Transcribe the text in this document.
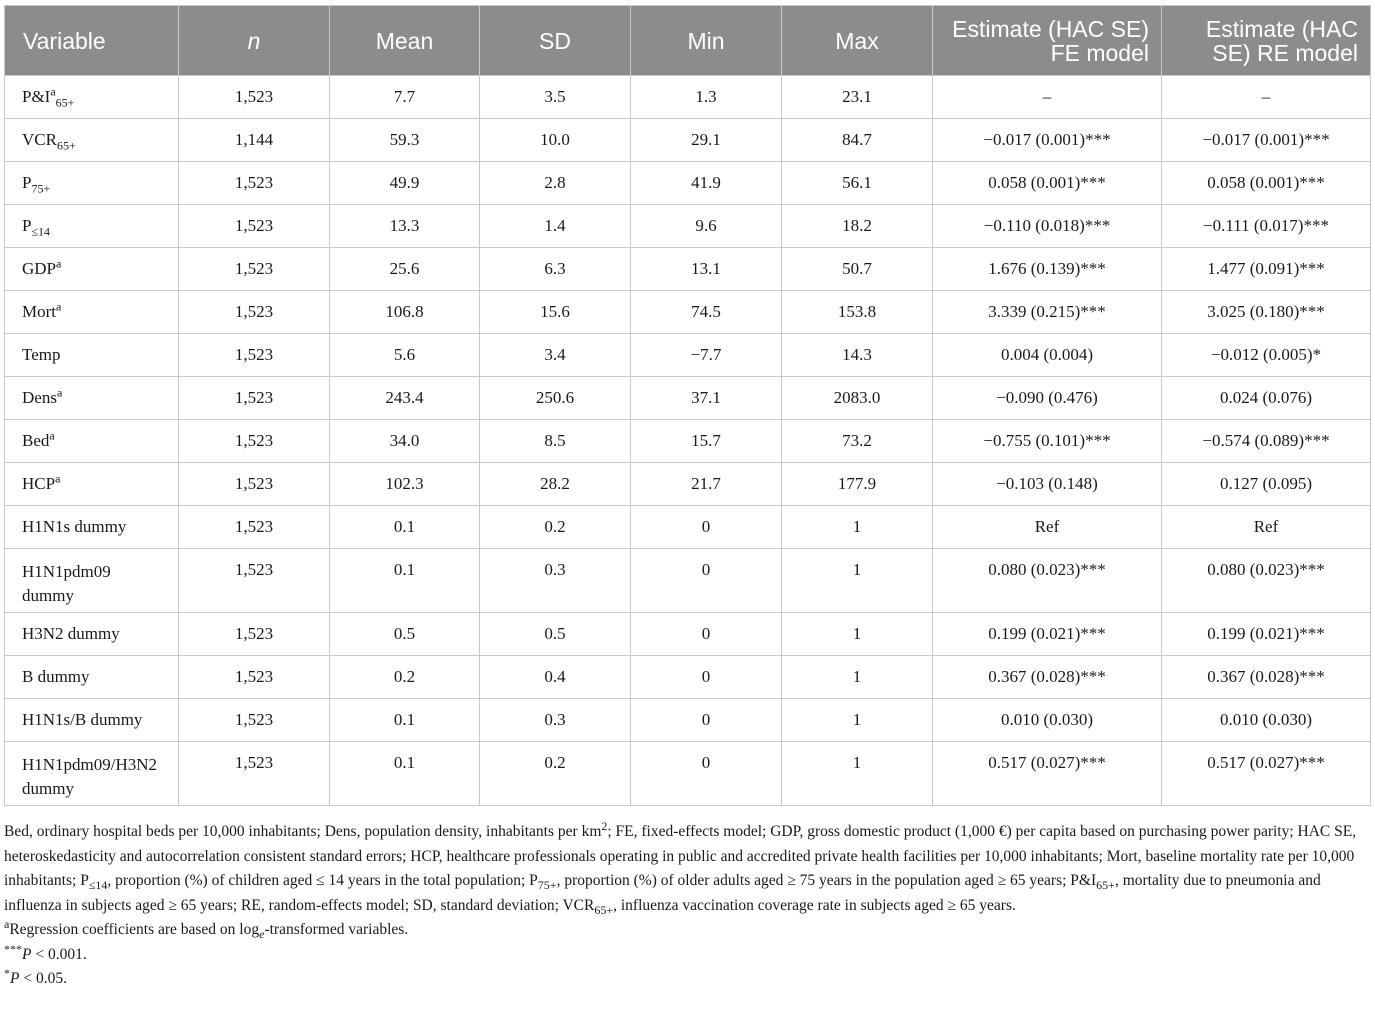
Variable	n	Mean	SD	Min	Max	Estimate (HAC SE) FE model	Estimate (HAC SE) RE model
$P\&I^a_{65+}$	1,523	7.7	3.5	1.3	23.1	–	–
$VCR_{65+}$	1,144	59.3	10.0	29.1	84.7	−0.017 (0.001)***	−0.017 (0.001)***
$P_{75+}$	1,523	49.9	2.8	41.9	56.1	0.058 (0.001)***	0.058 (0.001)***
$P_{\le 14}$	1,523	13.3	1.4	9.6	18.2	−0.110 (0.018)***	−0.111 (0.017)***
GDP$^a$	1,523	25.6	6.3	13.1	50.7	1.676 (0.139)***	1.477 (0.091)***
Mort$^a$	1,523	106.8	15.6	74.5	153.8	3.339 (0.215)***	3.025 (0.180)***
Temp	1,523	5.6	3.4	−7.7	14.3	0.004 (0.004)	−0.012 (0.005)*
Dens$^a$	1,523	243.4	250.6	37.1	2083.0	−0.090 (0.476)	0.024 (0.076)
Bed$^a$	1,523	34.0	8.5	15.7	73.2	−0.755 (0.101)***	−0.574 (0.089)***
HCP$^a$	1,523	102.3	28.2	21.7	177.9	−0.103 (0.148)	0.127 (0.095)
H1N1s dummy	1,523	0.1	0.2	0	1	Ref	Ref
H1N1pdm09
dummy	1,523	0.1	0.3	0	1	0.080 (0.023)***	0.080 (0.023)***
H3N2 dummy	1,523	0.5	0.5	0	1	0.199 (0.021)***	0.199 (0.021)***
B dummy	1,523	0.2	0.4	0	1	0.367 (0.028)***	0.367 (0.028)***
H1N1s/B dummy	1,523	0.1	0.3	0	1	0.010 (0.030)	0.010 (0.030)
H1N1pdm09/H3N2
dummy	1,523	0.1	0.2	0	1	0.517 (0.027)***	0.517 (0.027)***

Bed, ordinary hospital beds per 10,000 inhabitants; Dens, population density, inhabitants per $km^2$; FE, fixed-effects model; GDP, gross domestic product (1,000 €) per capita based on purchasing power parity; HAC SE, heteroskedasticity and autocorrelation consistent standard errors; HCP, healthcare professionals operating in public and accredited private health facilities per 10,000 inhabitants; Mort, baseline mortality rate per 10,000 inhabitants; $P_{\le 14}$, proportion (%) of children aged ≤ 14 years in the total population; $P_{75+}$, proportion (%) of older adults aged ≥ 75 years in the population aged ≥ 65 years; $P\&I_{65+}$, mortality due to pneumonia and influenza in subjects aged ≥ 65 years; RE, random-effects model; SD, standard deviation; $VCR_{65+}$, influenza vaccination coverage rate in subjects aged ≥ 65 years.

$^a$Regression coefficients are based on $\log_e$-transformed variables.

***P < 0.001.

*P < 0.05.
